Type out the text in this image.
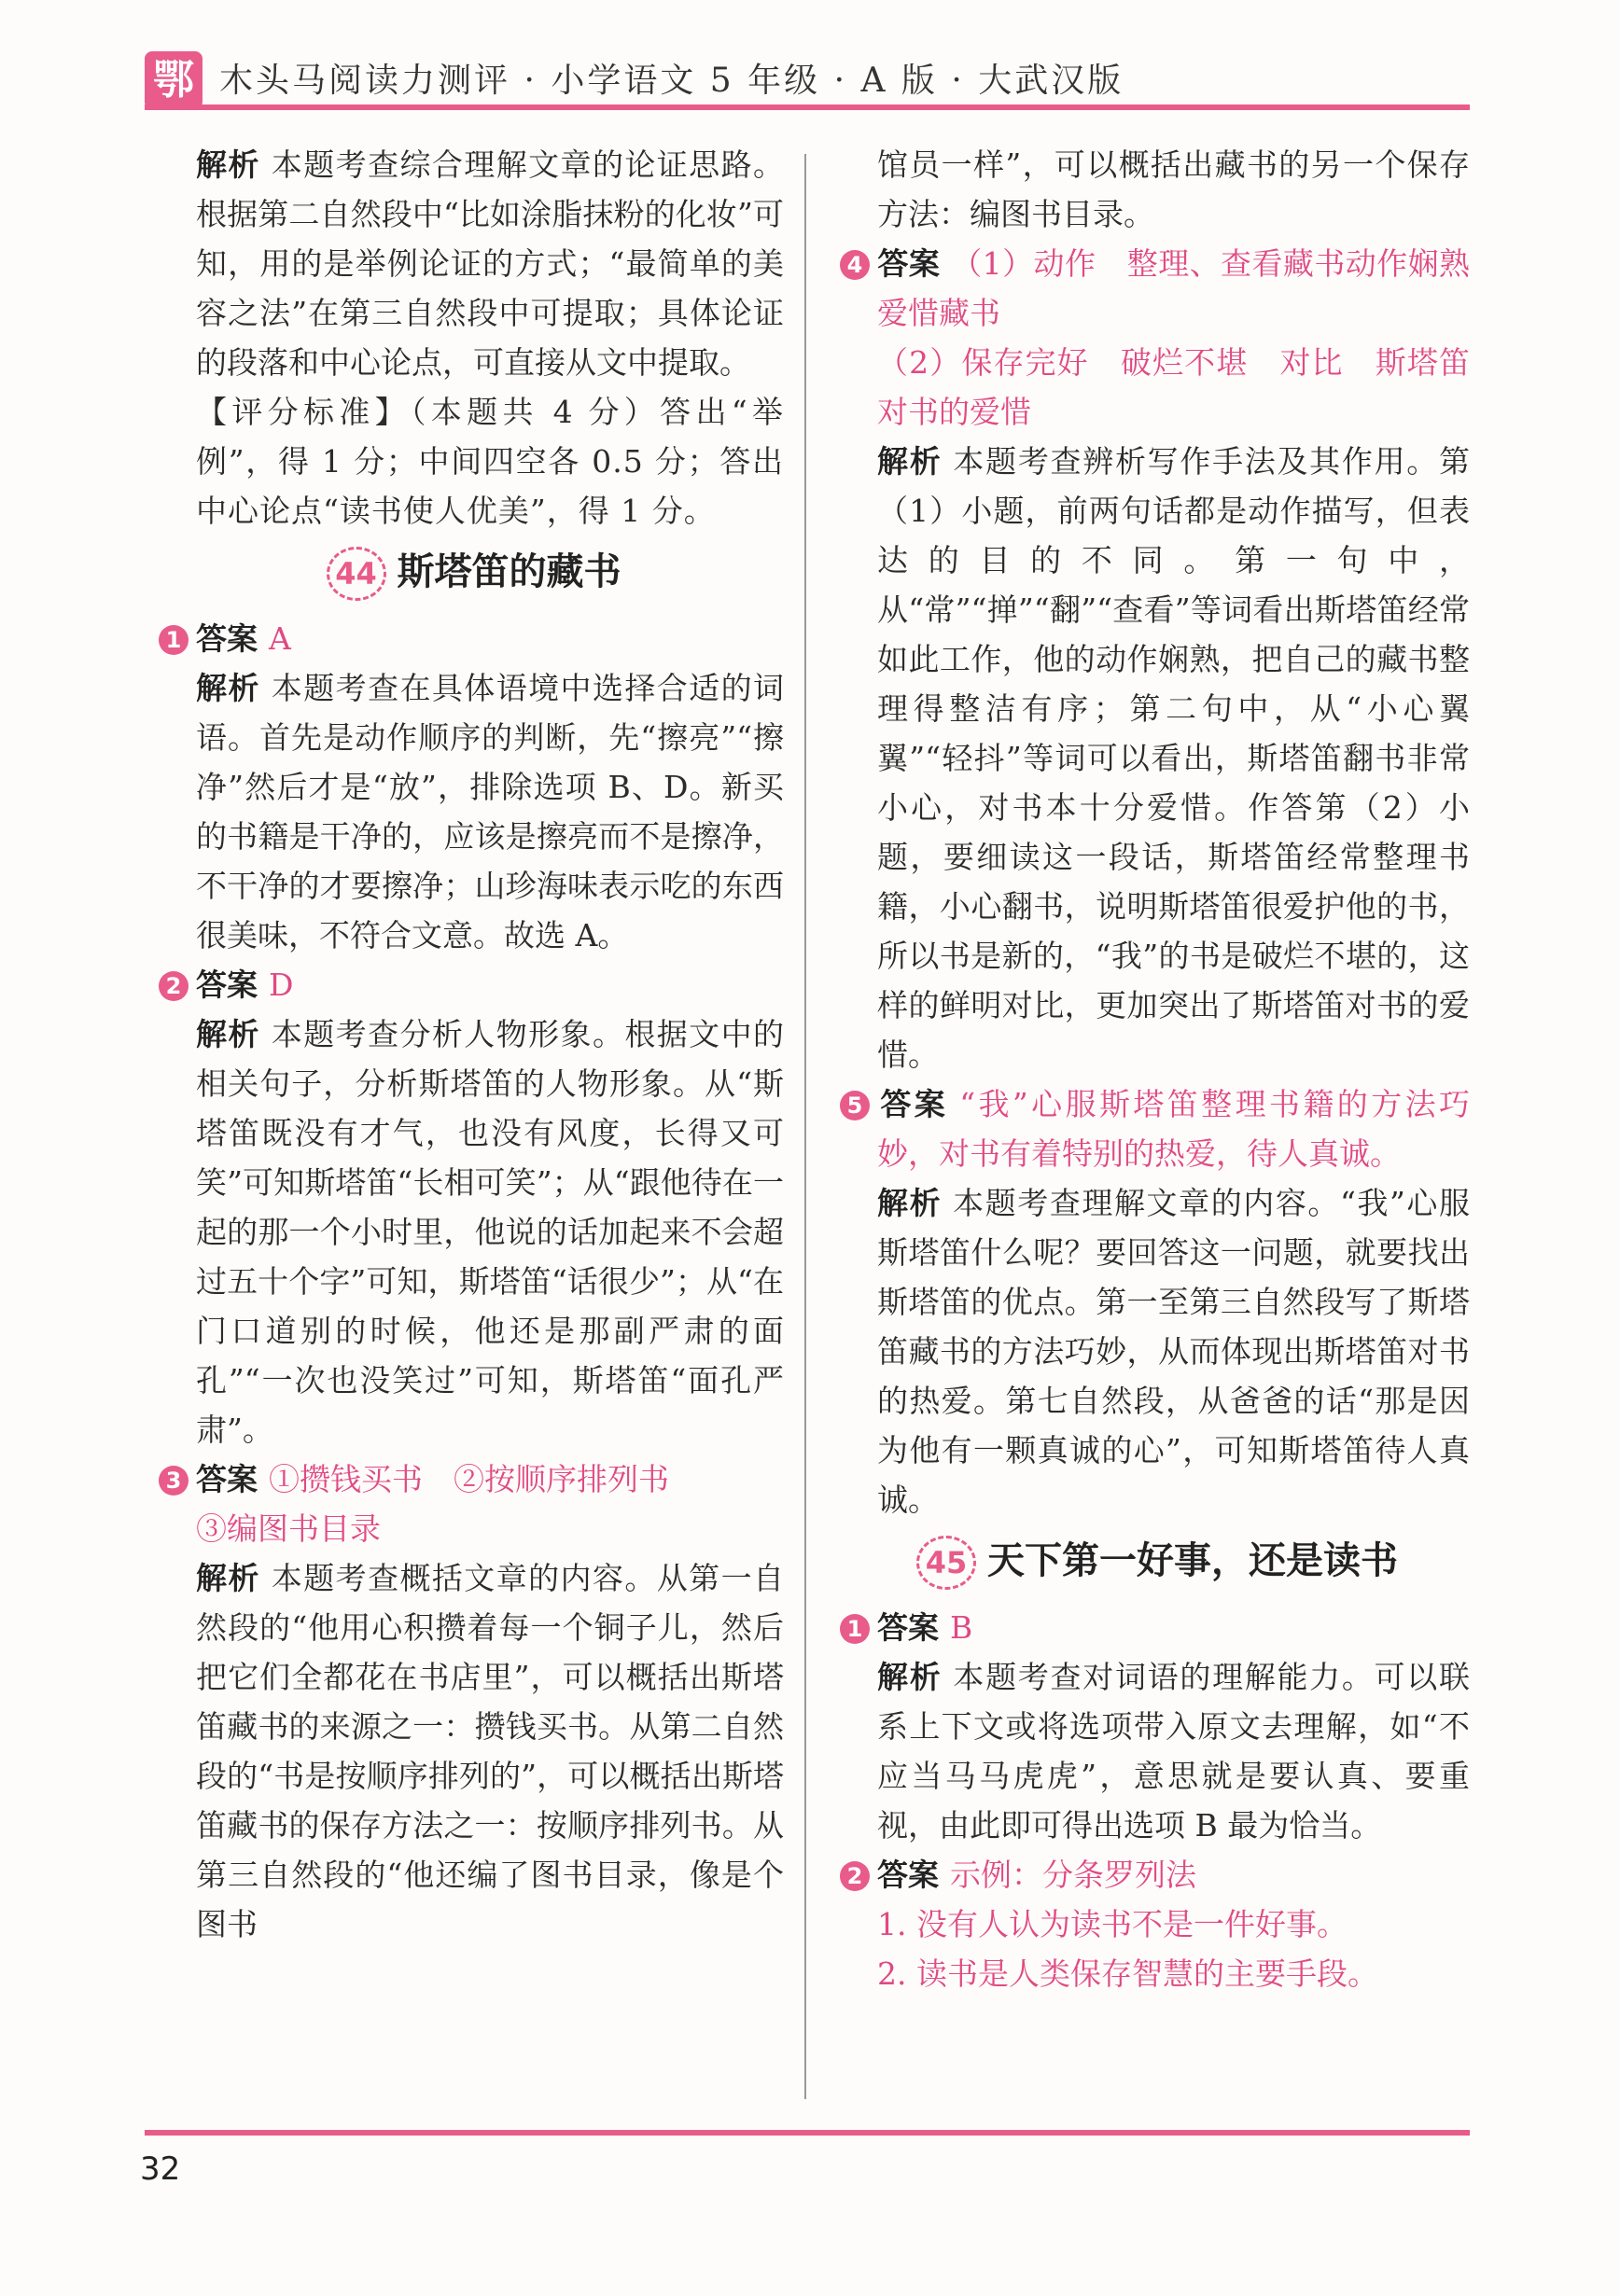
鄂 木头马阅读力测评 · 小学语文 5 年级 · A 版 · 大武汉版

解析 本题考查综合理解文章的论证思路。根据第二自然段中“比如涂脂抹粉的化妆”可知，用的是举例论证的方式；“最简单的美容之法”在第三自然段中可提取；具体论证的段落和中心论点，可直接从文中提取。

【评分标准】（本题共 4 分）答出“举例”，得 1 分；中间四空各 0.5 分；答出中心论点“读书使人优美”，得 1 分。

44 斯塔笛的藏书

1 答案 A

解析 本题考查在具体语境中选择合适的词语。首先是动作顺序的判断，先“擦亮”“擦净”然后才是“放”，排除选项 B、D。新买的书籍是干净的，应该是擦亮而不是擦净，不干净的才要擦净；山珍海味表示吃的东西很美味，不符合文意。故选 A。

2 答案 D

解析 本题考查分析人物形象。根据文中的相关句子，分析斯塔笛的人物形象。从“斯塔笛既没有才气，也没有风度，长得又可笑”可知斯塔笛“长相可笑”；从“跟他待在一起的那一个小时里，他说的话加起来不会超过五十个字”可知，斯塔笛“话很少”；从“在门口道别的时候，他还是那副严肃的面孔”“一次也没笑过”可知，斯塔笛“面孔严肃”。

3 答案 ①攒钱买书　 ②按顺序排列书
③编图书目录

解析 本题考查概括文章的内容。从第一自然段的“他用心积攒着每一个铜子儿，然后把它们全都花在书店里”，可以概括出斯塔笛藏书的来源之一：攒钱买书。从第二自然段的“书是按顺序排列的”，可以概括出斯塔笛藏书的保存方法之一：按顺序排列书。从第三自然段的“他还编了图书目录，像是个图书

馆员一样”，可以概括出藏书的另一个保存方法：编图书目录。

4 答案 （1）动作　整理、查看藏书动作娴熟　爱惜藏书
（2）保存完好　破烂不堪　对比　斯塔笛对书的爱惜

解析 本题考查辨析写作手法及其作用。第（1）小题，前两句话都是动作描写，但表达的目的不同。第一句中，从“常”“掸”“翻”“查看”等词看出斯塔笛经常如此工作，他的动作娴熟，把自己的藏书整理得整洁有序；第二句中，从“小心翼翼”“轻抖”等词可以看出，斯塔笛翻书非常小心，对书本十分爱惜。作答第（2）小题，要细读这一段话，斯塔笛经常整理书籍，小心翻书，说明斯塔笛很爱护他的书，所以书是新的，“我”的书是破烂不堪的，这样的鲜明对比，更加突出了斯塔笛对书的爱惜。

5 答案 “我”心服斯塔笛整理书籍的方法巧妙，对书有着特别的热爱，待人真诚。

解析 本题考查理解文章的内容。“我”心服斯塔笛什么呢？要回答这一问题，就要找出斯塔笛的优点。第一至第三自然段写了斯塔笛藏书的方法巧妙，从而体现出斯塔笛对书的热爱。第七自然段，从爸爸的话“那是因为他有一颗真诚的心”，可知斯塔笛待人真诚。

45 天下第一好事，还是读书

1 答案 B

解析 本题考查对词语的理解能力。可以联系上下文或将选项带入原文去理解，如“不应当马马虎虎”，意思就是要认真、要重视，由此即可得出选项 B 最为恰当。

2 答案 示例：分条罗列法

1. 没有人认为读书不是一件好事。

2. 读书是人类保存智慧的主要手段。

32
